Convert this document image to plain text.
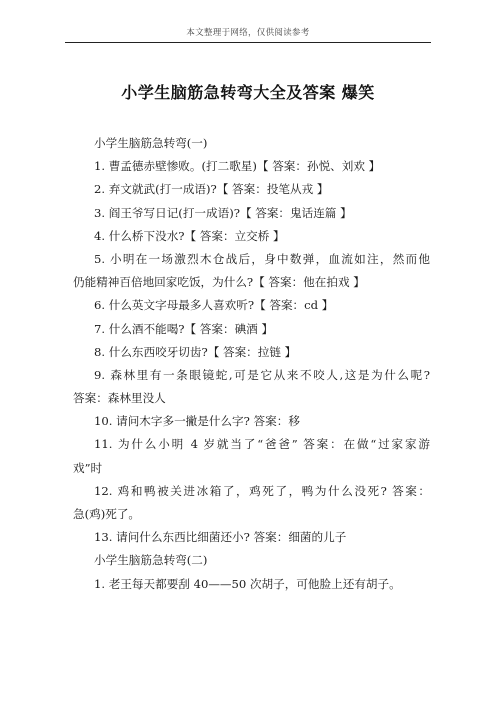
本文整理于网络，仅供阅读参考
小学生脑筋急转弯大全及答案 爆笑
小学生脑筋急转弯(一)
1. 曹孟德赤壁惨败。(打二歌星)【 答案：孙悦、刘欢 】
2. 弃文就武(打一成语)?【 答案：投笔从戎 】
3. 阎王爷写日记(打一成语)?【 答案：鬼话连篇 】
4. 什么桥下没水?【 答案：立交桥 】
5. 小明在一场激烈木仓战后，身中数弹，血流如注，然而他
仍能精神百倍地回家吃饭，为什么?【 答案：他在拍戏 】
6. 什么英文字母最多人喜欢听?【 答案：cd 】
7. 什么酒不能喝?【 答案：碘酒 】
8. 什么东西咬牙切齿?【 答案：拉链 】
9. 森林里有一条眼镜蛇,可是它从来不咬人,这是为什么呢?
答案：森林里没人
10. 请问木字多一撇是什么字? 答案：移
11. 为什么小明 4 岁就当了“爸爸” 答案：在做“过家家游
戏”时
12. 鸡和鸭被关进冰箱了，鸡死了，鸭为什么没死? 答案：
急(鸡)死了。
13. 请问什么东西比细菌还小? 答案：细菌的儿子
小学生脑筋急转弯(二)
1. 老王每天都要刮 40——50 次胡子，可他脸上还有胡子。
